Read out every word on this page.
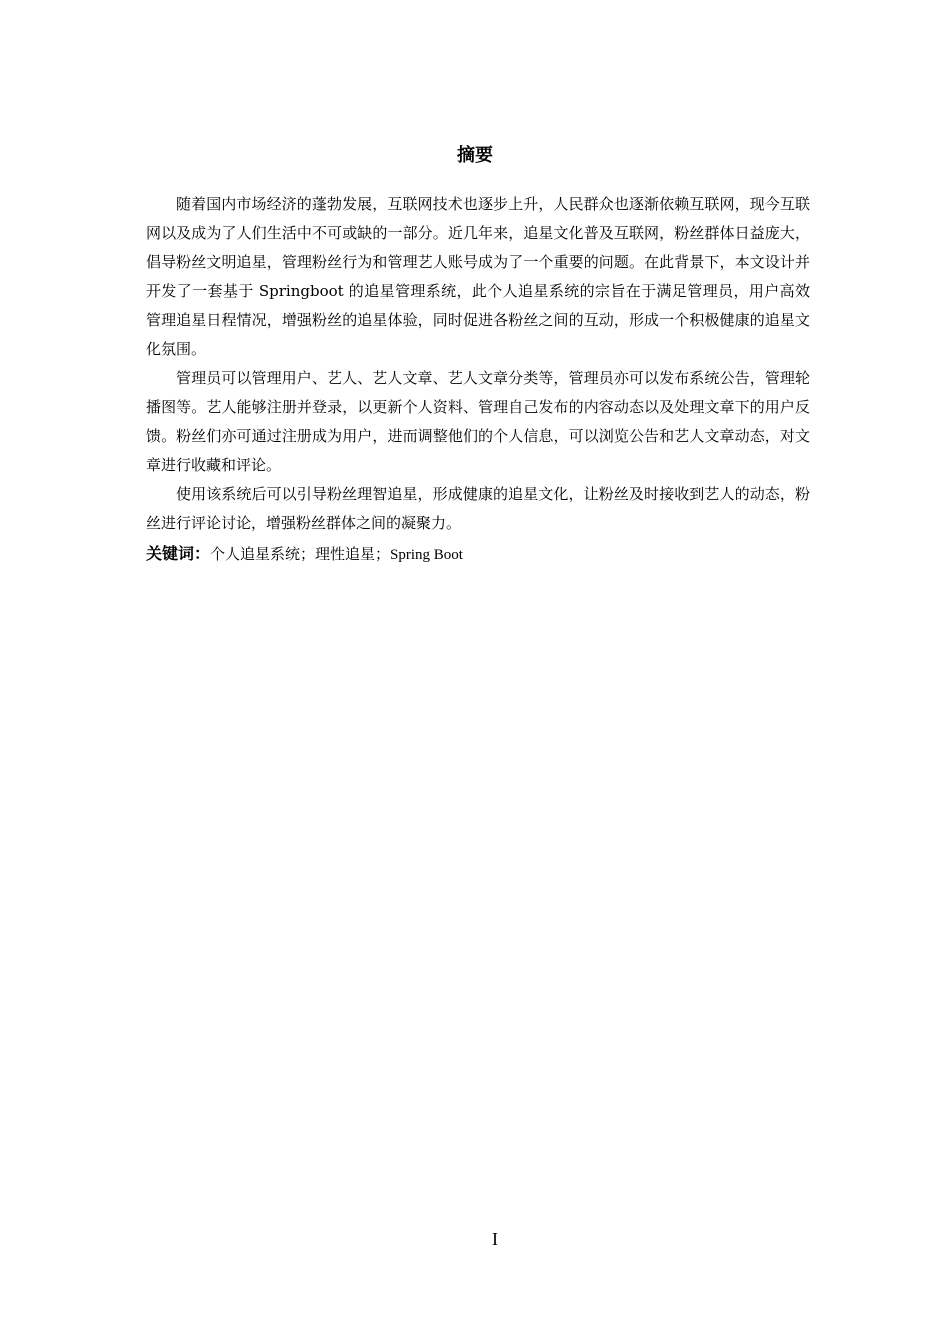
摘要

随着国内市场经济的蓬勃发展，互联网技术也逐步上升，人民群众也逐渐依赖互联网，现今互联网以及成为了人们生活中不可或缺的一部分。近几年来，追星文化普及互联网，粉丝群体日益庞大，倡导粉丝文明追星，管理粉丝行为和管理艺人账号成为了一个重要的问题。在此背景下，本文设计并开发了一套基于 Springboot 的追星管理系统，此个人追星系统的宗旨在于满足管理员，用户高效管理追星日程情况，增强粉丝的追星体验，同时促进各粉丝之间的互动，形成一个积极健康的追星文化氛围。

管理员可以管理用户、艺人、艺人文章、艺人文章分类等，管理员亦可以发布系统公告，管理轮播图等。艺人能够注册并登录，以更新个人资料、管理自己发布的内容动态以及处理文章下的用户反馈。粉丝们亦可通过注册成为用户，进而调整他们的个人信息，可以浏览公告和艺人文章动态，对文章进行收藏和评论。

使用该系统后可以引导粉丝理智追星，形成健康的追星文化，让粉丝及时接收到艺人的动态，粉丝进行评论讨论，增强粉丝群体之间的凝聚力。

关键词：个人追星系统；理性追星；Spring Boot

I
